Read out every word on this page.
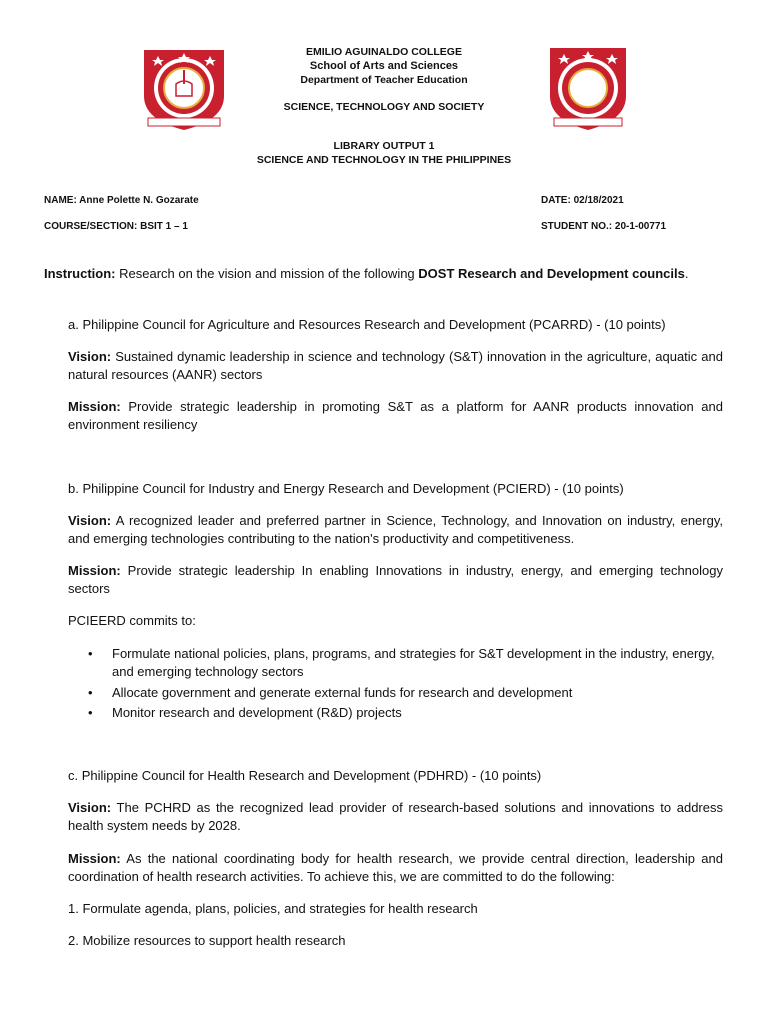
EMILIO AGUINALDO COLLEGE
School of Arts and Sciences
Department of Teacher Education
SCIENCE, TECHNOLOGY AND SOCIETY
LIBRARY OUTPUT 1
SCIENCE AND TECHNOLOGY IN THE PHILIPPINES
NAME: Anne Polette N. Gozarate	DATE: 02/18/2021
COURSE/SECTION: BSIT 1 – 1	STUDENT NO.: 20-1-00771
Instruction: Research on the vision and mission of the following DOST Research and Development councils.
a. Philippine Council for Agriculture and Resources Research and Development (PCARRD) - (10 points)
Vision: Sustained dynamic leadership in science and technology (S&T) innovation in the agriculture, aquatic and natural resources (AANR) sectors
Mission: Provide strategic leadership in promoting S&T as a platform for AANR products innovation and environment resiliency
b. Philippine Council for Industry and Energy Research and Development (PCIERD) - (10 points)
Vision: A recognized leader and preferred partner in Science, Technology, and Innovation on industry, energy, and emerging technologies contributing to the nation's productivity and competitiveness.
Mission: Provide strategic leadership In enabling Innovations in industry, energy, and emerging technology sectors
PCIEERD commits to:
•	Formulate national policies, plans, programs, and strategies for S&T development in the industry, energy, and emerging technology sectors
•	Allocate government and generate external funds for research and development
•	Monitor research and development (R&D) projects
c. Philippine Council for Health Research and Development (PDHRD) - (10 points)
Vision: The PCHRD as the recognized lead provider of research-based solutions and innovations to address health system needs by 2028.
Mission: As the national coordinating body for health research, we provide central direction, leadership and coordination of health research activities. To achieve this, we are committed to do the following:
1. Formulate agenda, plans, policies, and strategies for health research
2. Mobilize resources to support health research
